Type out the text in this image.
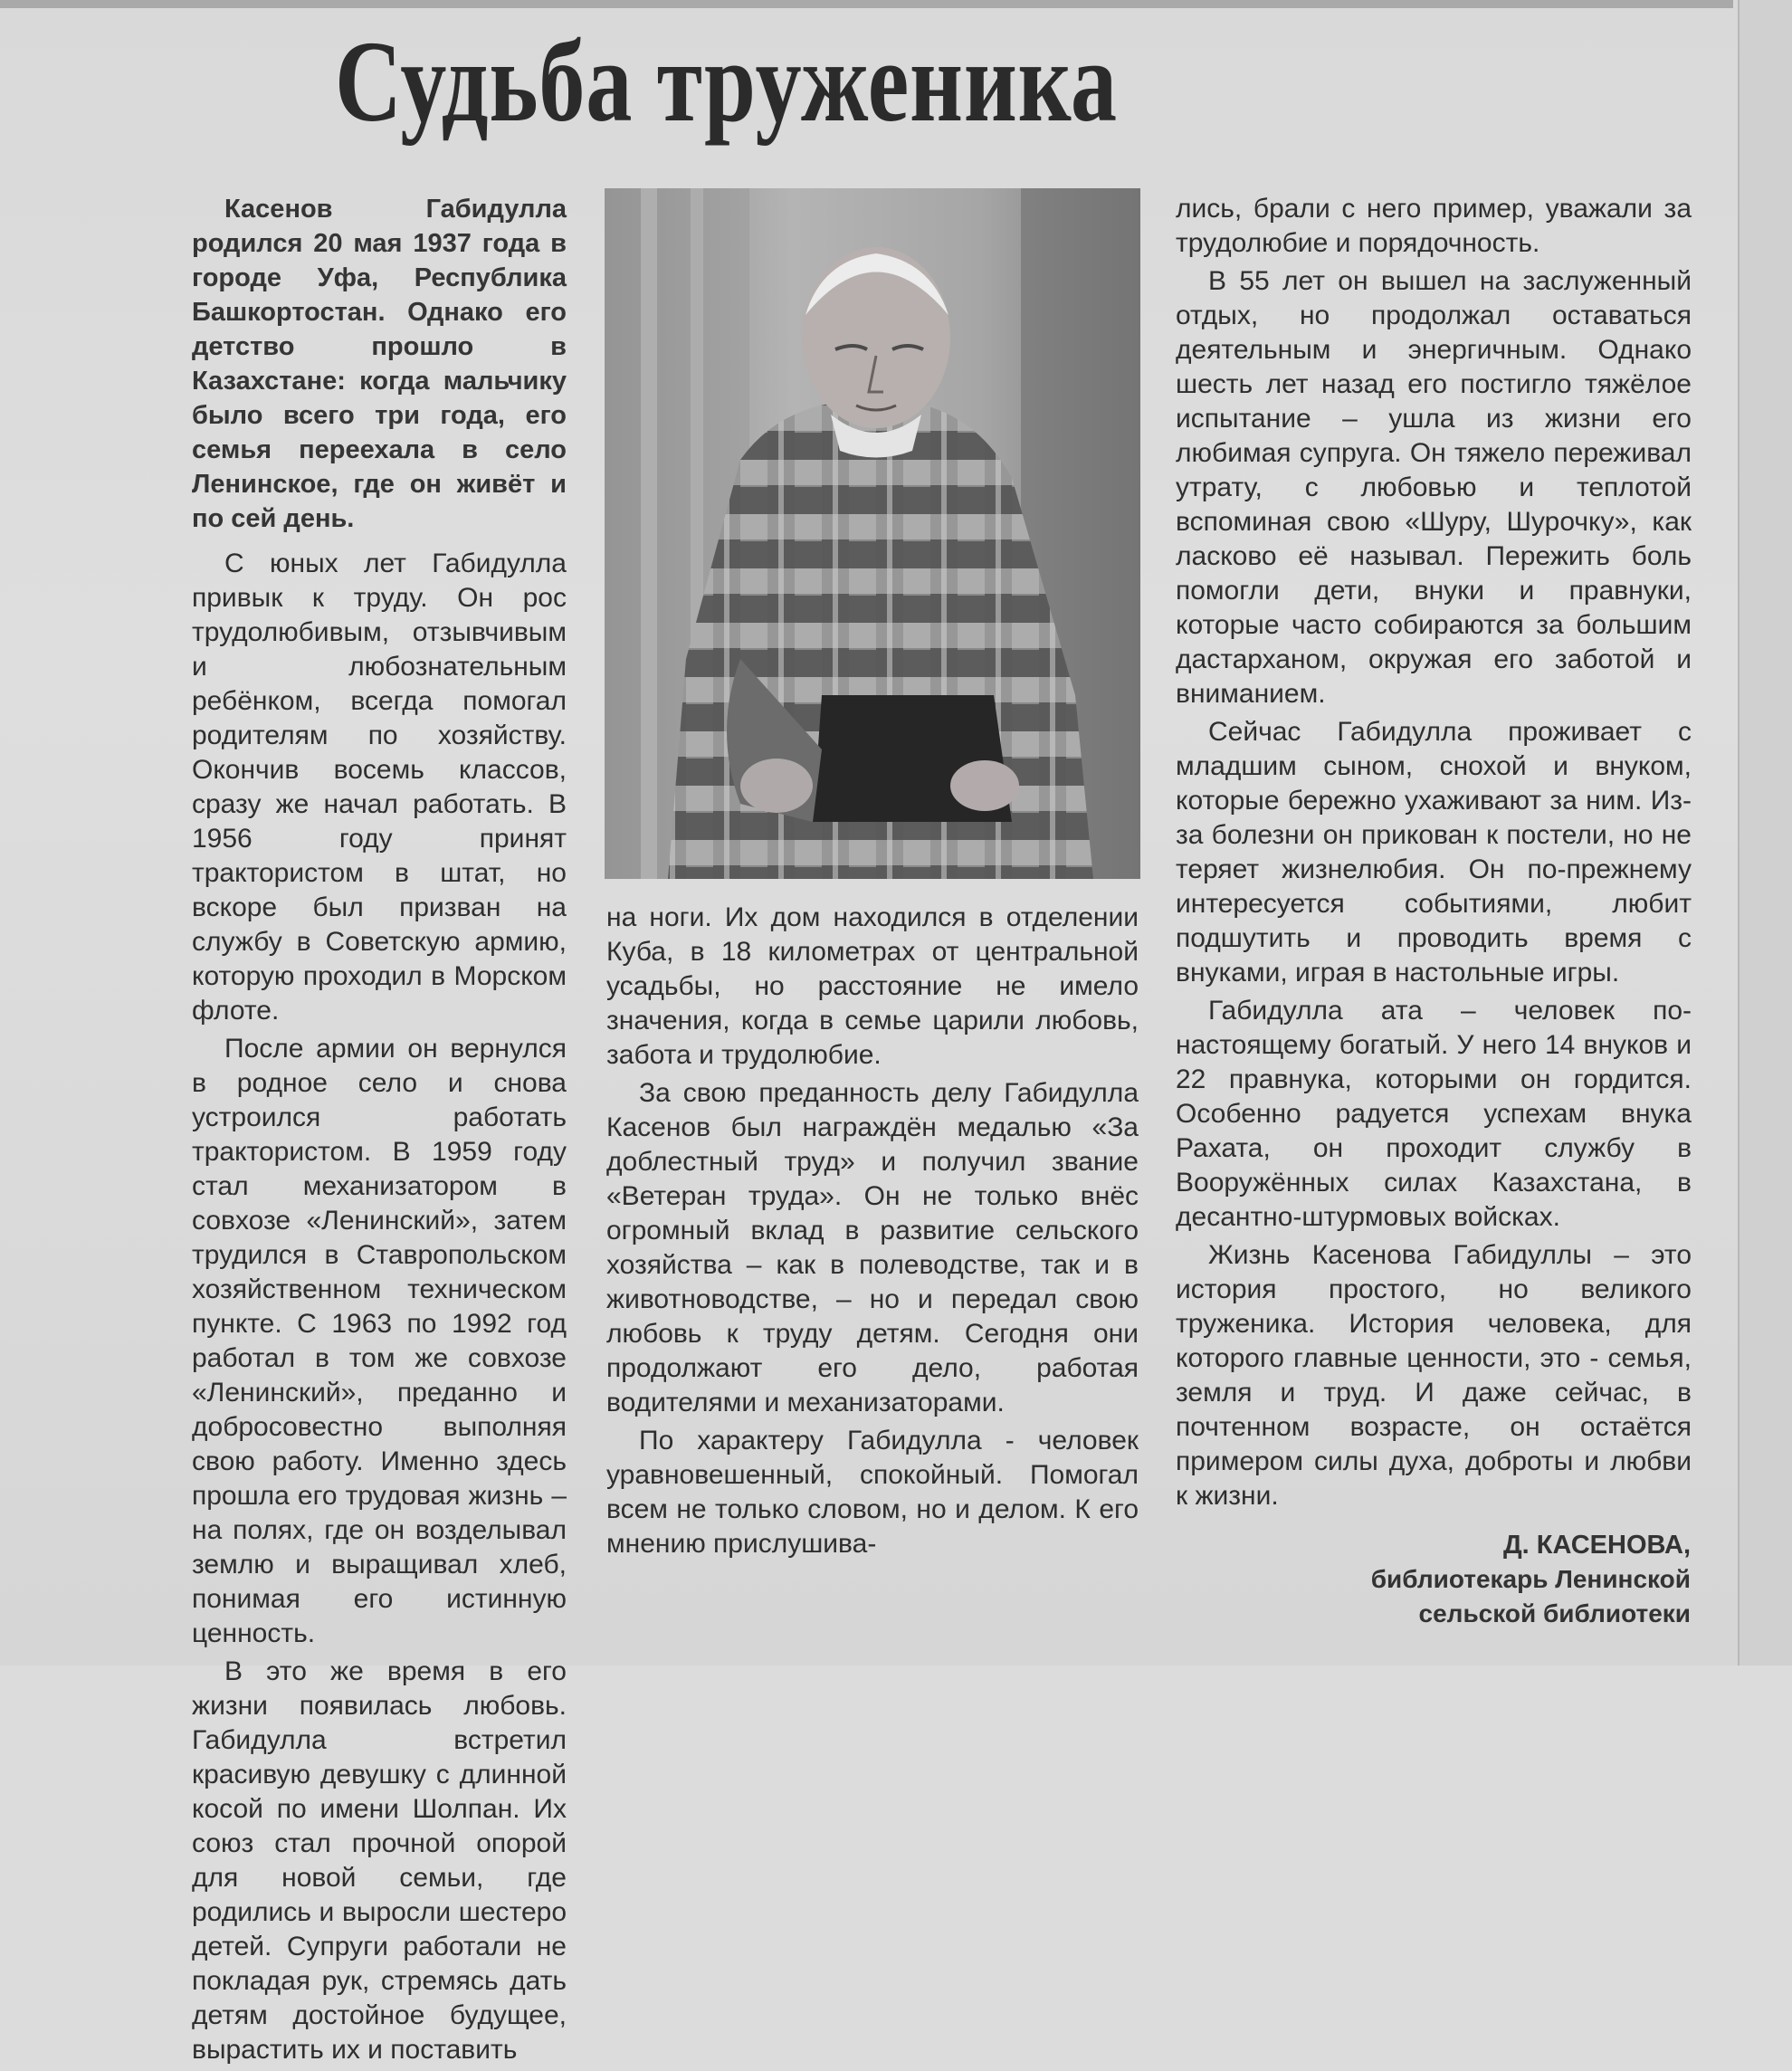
Судьба труженика

Касенов Габидулла родился 20 мая 1937 года в городе Уфа, Республика Башкортостан. Однако его детство прошло в Казахстане: когда мальчику было всего три года, его семья переехала в село Ленинское, где он живёт и по сей день.

С юных лет Габидулла привык к труду. Он рос трудолюбивым, отзывчивым и любознательным ребёнком, всегда помогал родителям по хозяйству. Окончив восемь классов, сразу же начал работать. В 1956 году принят трактористом в штат, но вскоре был призван на службу в Советскую армию, которую проходил в Морском флоте.

После армии он вернулся в родное село и снова устроился работать трактористом. В 1959 году стал механизатором в совхозе «Ленинский», затем трудился в Ставропольском хозяйственном техническом пункте. С 1963 по 1992 год работал в том же совхозе «Ленинский», преданно и добросовестно выполняя свою работу. Именно здесь прошла его трудовая жизнь – на полях, где он возделывал землю и выращивал хлеб, понимая его истинную ценность.

В это же время в его жизни появилась любовь. Габидулла встретил красивую девушку с длинной косой по имени Шолпан. Их союз стал прочной опорой для новой семьи, где родились и выросли шестеро детей. Супруги работали не покладая рук, стремясь дать детям достойное будущее, вырастить их и поставить

на ноги. Их дом находился в отделении Куба, в 18 километрах от центральной усадьбы, но расстояние не имело значения, когда в семье царили любовь, забота и трудолюбие.

За свою преданность делу Габидулла Касенов был награждён медалью «За доблестный труд» и получил звание «Ветеран труда». Он не только внёс огромный вклад в развитие сельского хозяйства – как в полеводстве, так и в животноводстве, – но и передал свою любовь к труду детям. Сегодня они продолжают его дело, работая водителями и механизаторами.

По характеру Габидулла - человек уравновешенный, спокойный. Помогал всем не только словом, но и делом. К его мнению прислушива-

лись, брали с него пример, уважали за трудолюбие и порядочность.

В 55 лет он вышел на заслуженный отдых, но продолжал оставаться деятельным и энергичным. Однако шесть лет назад его постигло тяжёлое испытание – ушла из жизни его любимая супруга. Он тяжело переживал утрату, с любовью и теплотой вспоминая свою «Шуру, Шурочку», как ласково её называл. Пережить боль помогли дети, внуки и правнуки, которые часто собираются за большим дастарханом, окружая его заботой и вниманием.

Сейчас Габидулла проживает с младшим сыном, снохой и внуком, которые бережно ухаживают за ним. Из-за болезни он прикован к постели, но не теряет жизнелюбия. Он по-прежнему интересуется событиями, любит подшутить и проводить время с внуками, играя в настольные игры.

Габидулла ата – человек по-настоящему богатый. У него 14 внуков и 22 правнука, которыми он гордится. Особенно радуется успехам внука Рахата, он проходит службу в Вооружённых силах Казахстана, в десантно-штурмовых войсках.

Жизнь Касенова Габидуллы – это история простого, но великого труженика. История человека, для которого главные ценности, это - семья, земля и труд. И даже сейчас, в почтенном возрасте, он остаётся примером силы духа, доброты и любви к жизни.

Д. КАСЕНОВА,
библиотекарь Ленинской
сельской библиотеки
